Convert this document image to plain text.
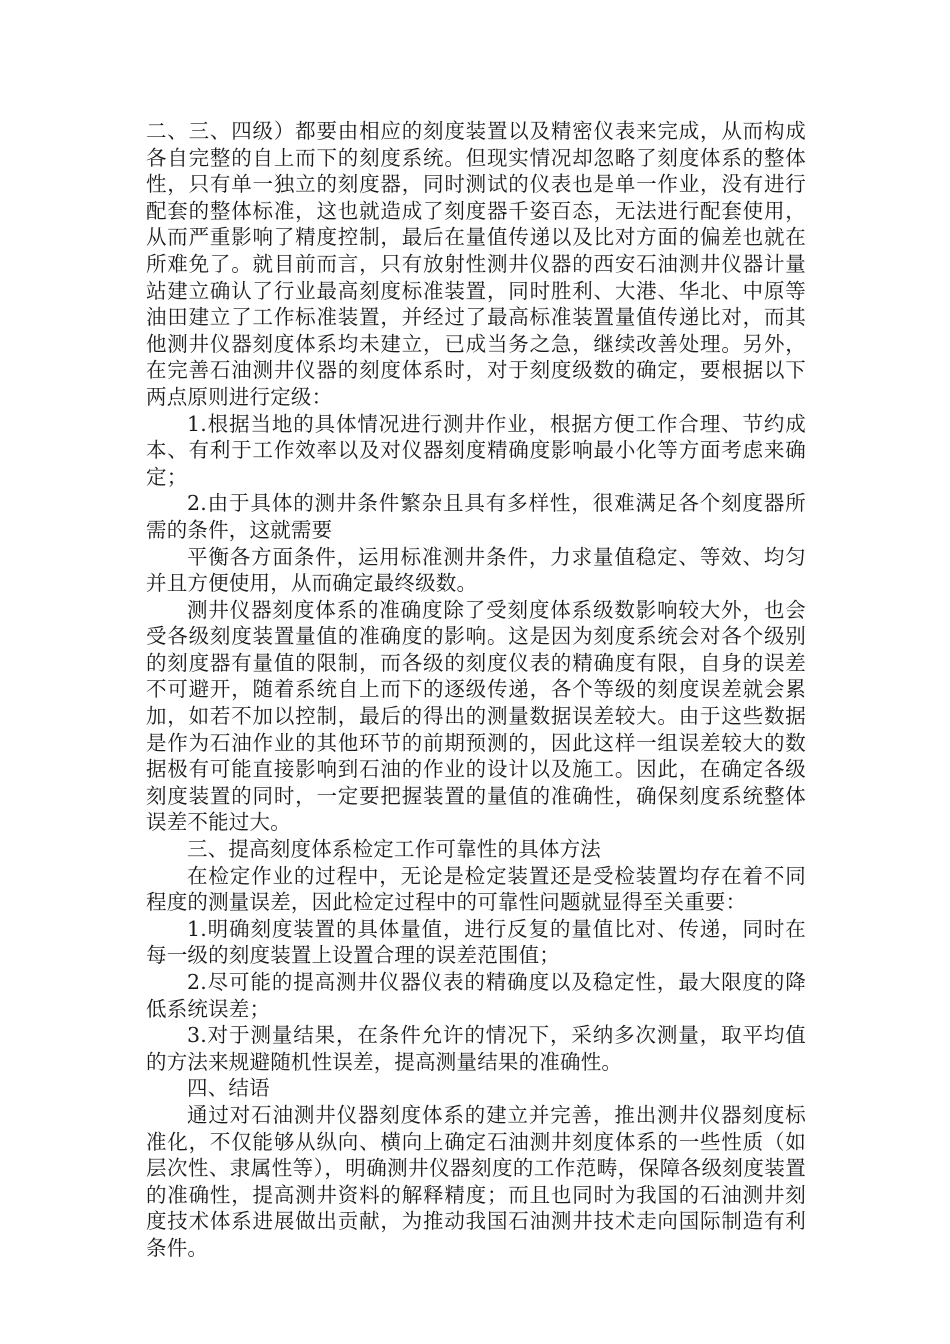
二、三、四级）都要由相应的刻度装置以及精密仪表来完成，从而构成各自完整的自上而下的刻度系统。但现实情况却忽略了刻度体系的整体性，只有单一独立的刻度器，同时测试的仪表也是单一作业，没有进行配套的整体标准，这也就造成了刻度器千姿百态，无法进行配套使用，从而严重影响了精度控制，最后在量值传递以及比对方面的偏差也就在所难免了。就目前而言，只有放射性测井仪器的西安石油测井仪器计量站建立确认了行业最高刻度标准装置，同时胜利、大港、华北、中原等油田建立了工作标准装置，并经过了最高标准装置量值传递比对，而其他测井仪器刻度体系均未建立，已成当务之急，继续改善处理。另外，在完善石油测井仪器的刻度体系时，对于刻度级数的确定，要根据以下两点原则进行定级：

1.根据当地的具体情况进行测井作业，根据方便工作合理、节约成本、有利于工作效率以及对仪器刻度精确度影响最小化等方面考虑来确定；

2.由于具体的测井条件繁杂且具有多样性，很难满足各个刻度器所需的条件，这就需要

平衡各方面条件，运用标准测井条件，力求量值稳定、等效、均匀并且方便使用，从而确定最终级数。

测井仪器刻度体系的准确度除了受刻度体系级数影响较大外，也会受各级刻度装置量值的准确度的影响。这是因为刻度系统会对各个级别的刻度器有量值的限制，而各级的刻度仪表的精确度有限，自身的误差不可避开，随着系统自上而下的逐级传递，各个等级的刻度误差就会累加，如若不加以控制，最后的得出的测量数据误差较大。由于这些数据是作为石油作业的其他环节的前期预测的，因此这样一组误差较大的数据极有可能直接影响到石油的作业的设计以及施工。因此，在确定各级刻度装置的同时，一定要把握装置的量值的准确性，确保刻度系统整体误差不能过大。

三、提高刻度体系检定工作可靠性的具体方法

在检定作业的过程中，无论是检定装置还是受检装置均存在着不同程度的测量误差，因此检定过程中的可靠性问题就显得至关重要：

1.明确刻度装置的具体量值，进行反复的量值比对、传递，同时在每一级的刻度装置上设置合理的误差范围值；

2.尽可能的提高测井仪器仪表的精确度以及稳定性，最大限度的降低系统误差；

3.对于测量结果，在条件允许的情况下，采纳多次测量，取平均值的方法来规避随机性误差，提高测量结果的准确性。

四、结语

通过对石油测井仪器刻度体系的建立并完善，推出测井仪器刻度标准化，不仅能够从纵向、横向上确定石油测井刻度体系的一些性质（如层次性、隶属性等），明确测井仪器刻度的工作范畴，保障各级刻度装置的准确性，提高测井资料的解释精度；而且也同时为我国的石油测井刻度技术体系进展做出贡献，为推动我国石油测井技术走向国际制造有利条件。
